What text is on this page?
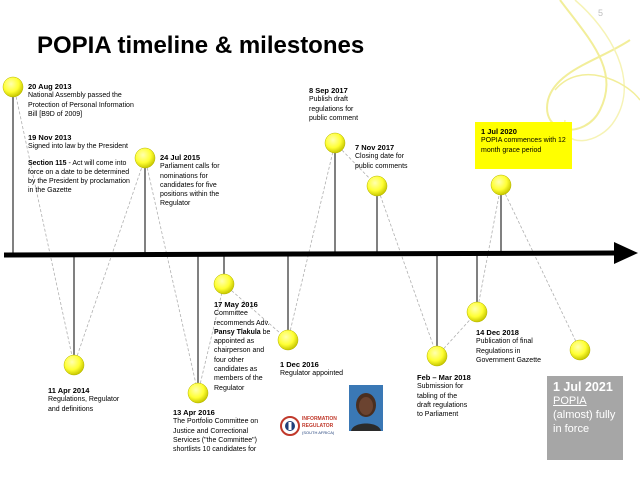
5
POPIA timeline & milestones
20 Aug 2013
National Assembly passed the Protection of Personal Information Bill [B9D of 2009]
19 Nov 2013
Signed into law by the President
Section 115 - Act will come into force on a date to be determined by the President by proclamation in the Gazette
11 Apr 2014
Regulations, Regulator and definitions
24 Jul 2015
Parliament calls for nominations for candidates for five positions within the Regulator
13 Apr 2016
The Portfolio Committee on Justice and Correctional Services ("the Committee") shortlists 10 candidates for
17 May 2016
Committee recommends Adv. Pansy Tlakula be appointed as chairperson and four other candidates as members of the Regulator
1 Dec 2016
Regulator appointed
8 Sep 2017
Publish draft regulations for public comment
7 Nov 2017
Closing date for public comments
Feb – Mar 2018
Submission for tabling of the draft regulations to Parliament
14 Dec 2018
Publication of final Regulations in Government Gazette
1 Jul 2020
POPIA commences with 12 month grace period
1 Jul 2021
POPIA
(almost) fully in force
INFORMATION
REGULATOR
(SOUTH AFRICA)
